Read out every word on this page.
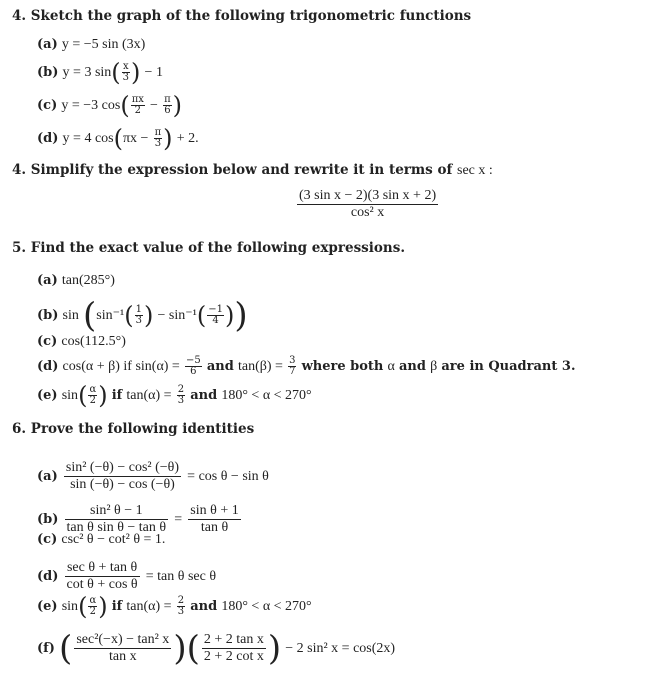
4. Sketch the graph of the following trigonometric functions
(a) y = −5 sin (3x)
(b) y = 3 $\sin( \frac{x}{3}$ ) − 1
(c) y = −3 $\cos( \frac{\pi x}{2} - \frac{\pi}{6}$ )
(d) y = 4 $\cos(\pi x - \frac{\pi}{3}$ ) + 2.
4. Simplify the expression below and rewrite it in terms of sec x :
$\frac{\text{(3 sin x − 2)(3 sin x + 2)}}{\text{cos² x}}$
5. Find the exact value of the following expressions.
(a) tan(285°)
(b) $\sin (\sin^{-1}( \frac{1}{3}$ ) − $\sin^{-1}( \frac{-1}{4}$ ))
(c) cos(112.5°)
(d) cos(α + β) if $\sin(\alpha) = \frac{-5}{6}$ and $\tan(\beta) = \frac{3}{7}$ where both α and β are in Quadrant 3.
(e) $\sin( \frac{\alpha}{2}$ ) if $\tan(\alpha) = \frac{2}{3}$ and 180° < α < 270°
6. Prove the following identities
$(a) \frac{\text{sin² (−θ) − cos² (−θ)}}{\sin (-\theta) - \cos (-\theta)} = \cos \theta - \sin \theta$
$(b) \frac{\text{sin² θ − 1}}{\text{tan θ sin θ − tan θ}} = \frac{\text{sin θ + 1}}{\text{tan θ}}$
(c) csc² θ − cot² θ = 1.
$(d) \frac{\text{sec θ + tan θ}}{\text{cot θ + cos θ}} = \tan \theta$ sec θ
(e) $\sin( \frac{\alpha}{2}$ ) if $\tan(\alpha) = \frac{2}{3}$ and 180° < α < 270°
(f) ( $\frac{\text{sec²(−x) − tan² x}}{\text{tan x}}$ )( $\frac{\text{2 + 2 tan x}}{\text{2 + 2 cot x}}$ ) − 2 sin² x = cos(2x)
